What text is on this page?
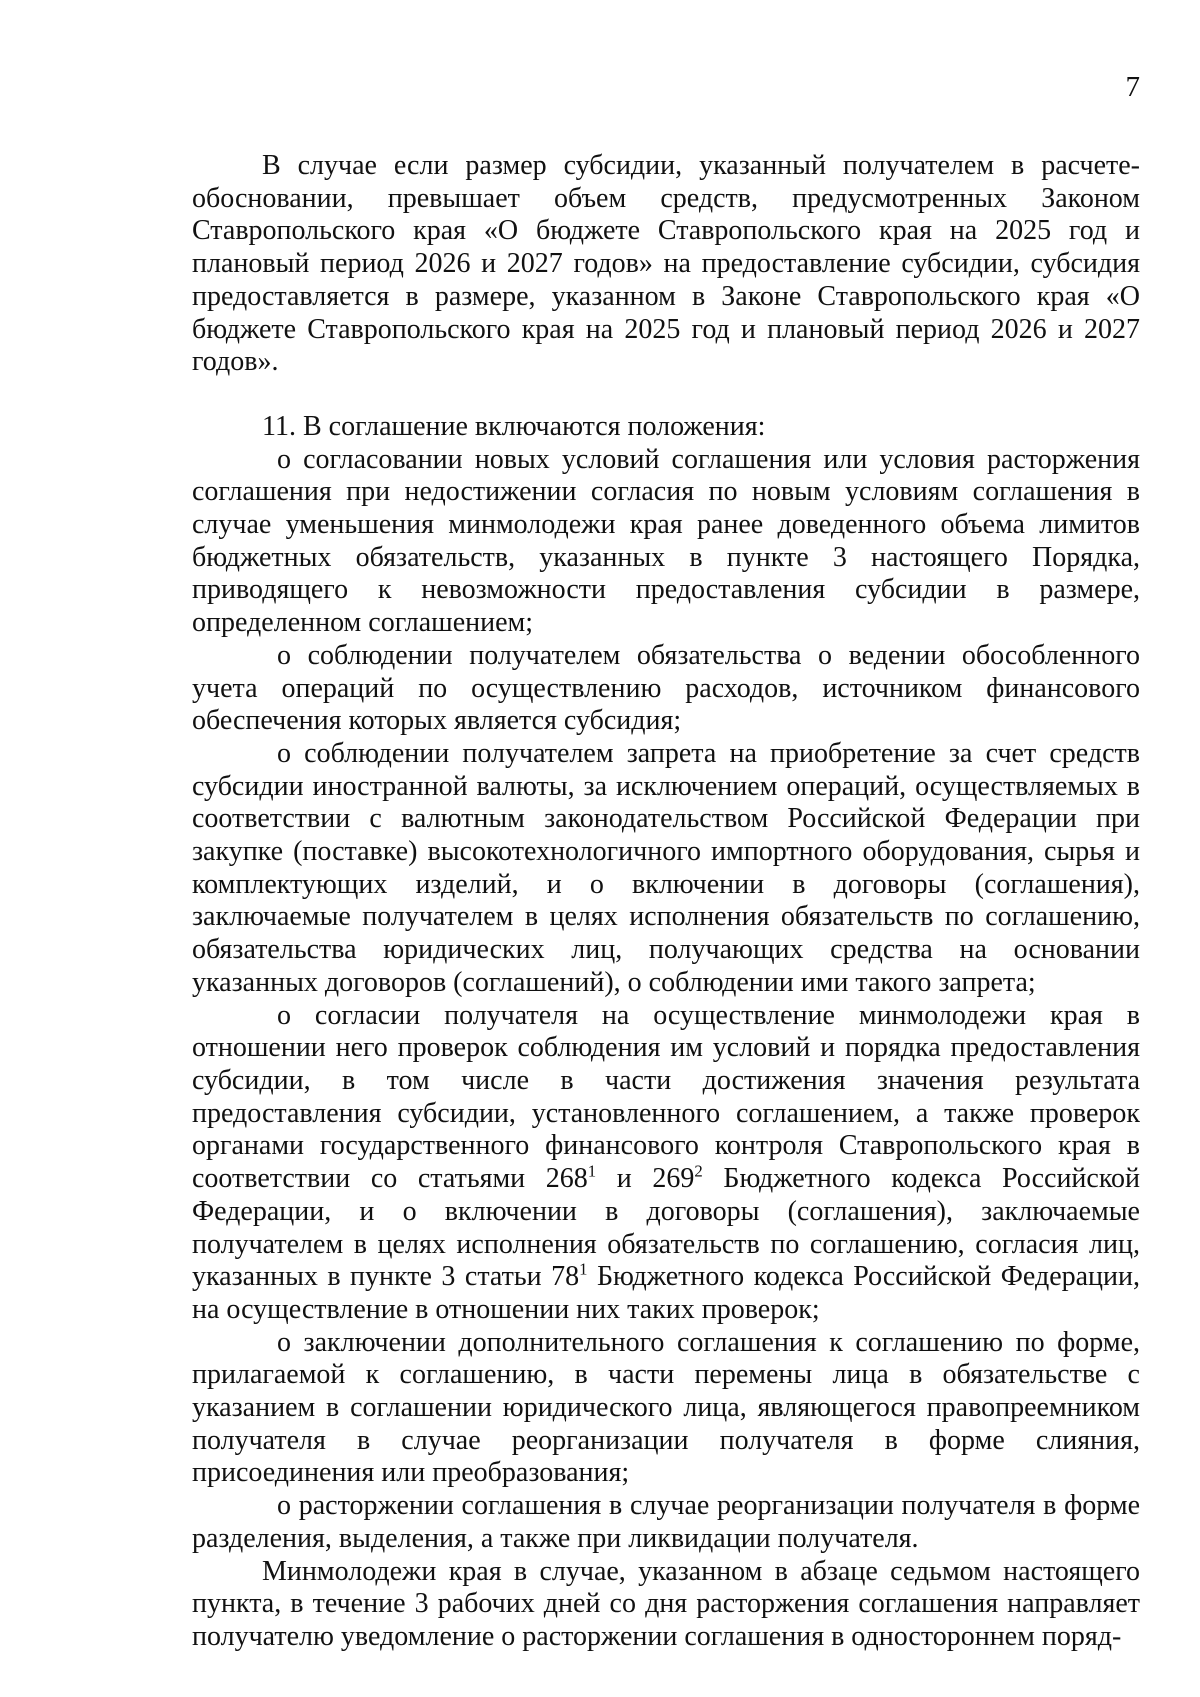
7

В случае если размер субсидии, указанный получателем в расчете-обосновании, превышает объем средств, предусмотренных Законом Ставропольского края «О бюджете Ставропольского края на 2025 год и плановый период 2026 и 2027 годов» на предоставление субсидии, субсидия предоставляется в размере, указанном в Законе Ставропольского края «О бюджете Ставропольского края на 2025 год и плановый период 2026 и 2027 годов».

11. В соглашение включаются положения:

о согласовании новых условий соглашения или условия расторжения соглашения при недостижении согласия по новым условиям соглашения в случае уменьшения минмолодежи края ранее доведенного объема лимитов бюджетных обязательств, указанных в пункте 3 настоящего Порядка, приводящего к невозможности предоставления субсидии в размере, определенном соглашением;

о соблюдении получателем обязательства о ведении обособленного учета операций по осуществлению расходов, источником финансового обеспечения которых является субсидия;

о соблюдении получателем запрета на приобретение за счет средств субсидии иностранной валюты, за исключением операций, осуществляемых в соответствии с валютным законодательством Российской Федерации при закупке (поставке) высокотехнологичного импортного оборудования, сырья и комплектующих изделий, и о включении в договоры (соглашения), заключаемые получателем в целях исполнения обязательств по соглашению, обязательства юридических лиц, получающих средства на основании указанных договоров (соглашений), о соблюдении ими такого запрета;

о согласии получателя на осуществление минмолодежи края в отношении него проверок соблюдения им условий и порядка предоставления субсидии, в том числе в части достижения значения результата предоставления субсидии, установленного соглашением, а также проверок органами государственного финансового контроля Ставропольского края в соответствии со статьями $268^1$ и $269^2$ Бюджетного кодекса Российской Федерации, и о включении в договоры (соглашения), заключаемые получателем в целях исполнения обязательств по соглашению, согласия лиц, указанных в пункте 3 статьи $78^1$ Бюджетного кодекса Российской Федерации, на осуществление в отношении них таких проверок;

о заключении дополнительного соглашения к соглашению по форме, прилагаемой к соглашению, в части перемены лица в обязательстве с указанием в соглашении юридического лица, являющегося правопреемником получателя в случае реорганизации получателя в форме слияния, присоединения или преобразования;

о расторжении соглашения в случае реорганизации получателя в форме разделения, выделения, а также при ликвидации получателя.

Минмолодежи края в случае, указанном в абзаце седьмом настоящего пункта, в течение 3 рабочих дней со дня расторжения соглашения направляет получателю уведомление о расторжении соглашения в одностороннем поряд-
